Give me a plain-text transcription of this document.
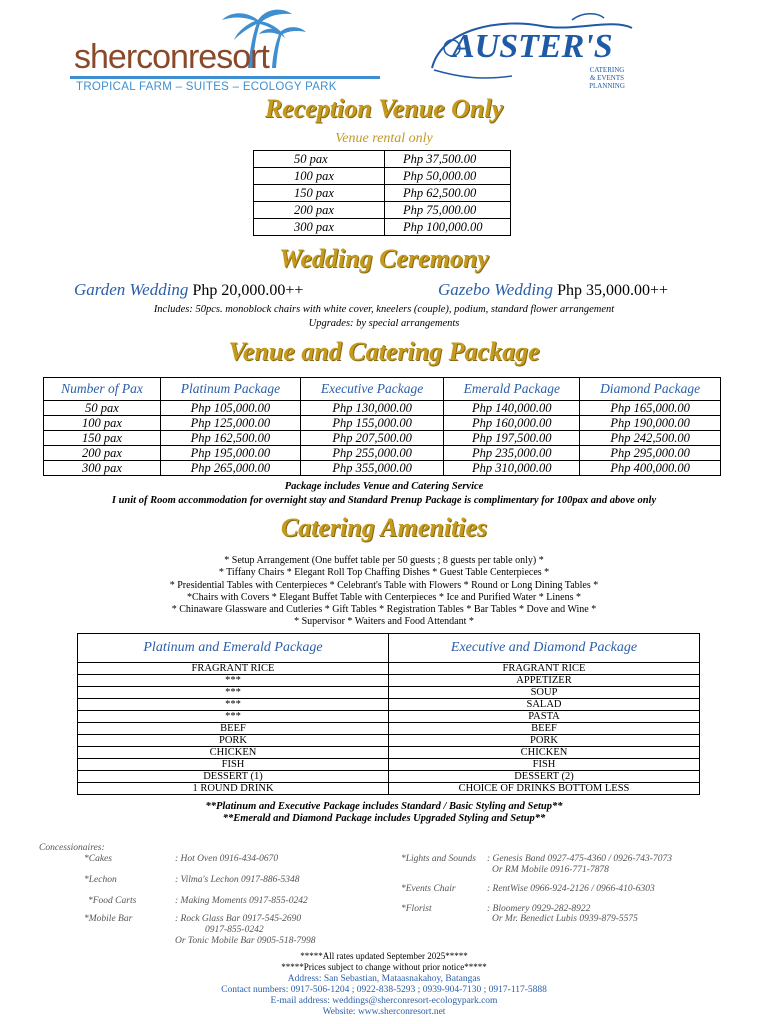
sherconresort
TROPICAL FARM – SUITES – ECOLOGY PARK
AUSTER'S
CATERING
& EVENTS PLANNING
Reception Venue Only
Venue rental only
50 pax	Php 37,500.00
100 pax	Php 50,000.00
150 pax	Php 62,500.00
200 pax	Php 75,000.00
300 pax	Php 100,000.00
Wedding Ceremony
Garden Wedding Php 20,000.00++	Gazebo Wedding Php 35,000.00++
Includes: 50pcs. monoblock chairs with white cover, kneelers (couple), podium, standard flower arrangement
Upgrades: by special arrangements
Venue and Catering Package
Number of Pax	Platinum Package	Executive Package	Emerald Package	Diamond Package
50 pax	Php 105,000.00	Php 130,000.00	Php 140,000.00	Php 165,000.00
100 pax	Php 125,000.00	Php 155,000.00	Php 160,000.00	Php 190,000.00
150 pax	Php 162,500.00	Php 207,500.00	Php 197,500.00	Php 242,500.00
200 pax	Php 195,000.00	Php 255,000.00	Php 235,000.00	Php 295,000.00
300 pax	Php 265,000.00	Php 355,000.00	Php 310,000.00	Php 400,000.00
Package includes Venue and Catering Service
I unit of Room accommodation for overnight stay and Standard Prenup Package is complimentary for 100pax and above only
Catering Amenities
* Setup Arrangement (One buffet table per 50 guests ; 8 guests per table only) *
* Tiffany Chairs * Elegant Roll Top Chaffing Dishes * Guest Table Centerpieces *
* Presidential Tables with Centerpieces * Celebrant's Table with Flowers * Round or Long Dining Tables *
*Chairs with Covers * Elegant Buffet Table with Centerpieces * Ice and Purified Water * Linens *
* Chinaware Glassware and Cutleries * Gift Tables * Registration Tables * Bar Tables * Dove and Wine *
* Supervisor * Waiters and Food Attendant *
Platinum and Emerald Package	Executive and Diamond Package
FRAGRANT RICE	FRAGRANT RICE
***	APPETIZER
***	SOUP
***	SALAD
***	PASTA
BEEF	BEEF
PORK	PORK
CHICKEN	CHICKEN
FISH	FISH
DESSERT (1)	DESSERT (2)
1 ROUND DRINK	CHOICE OF DRINKS BOTTOM LESS
**Platinum and Executive Package includes Standard / Basic Styling and Setup**
**Emerald and Diamond Package includes Upgraded Styling and Setup**
Concessionaires:
*Cakes	: Hot Oven 0916-434-0670
*Lechon	: Vilma's Lechon 0917-886-5348
*Food Carts	: Making Moments 0917-855-0242
*Mobile Bar	: Rock Glass Bar 0917-545-2690
0917-855-0242
Or Tonic Mobile Bar 0905-518-7998
*Lights and Sounds : Genesis Band 0927-475-4360 / 0926-743-7073
Or RM Mobile 0916-771-7878
*Events Chair	: RentWise 0966-924-2126 / 0966-410-6303
*Florist	: Bloomery 0929-282-8922
Or Mr. Benedict Lubis 0939-879-5575
*****All rates updated September 2025*****
*****Prices subject to change without prior notice*****
Address: San Sebastian, Mataasnakahoy, Batangas
Contact numbers: 0917-506-1204 ; 0922-838-5293 ; 0939-904-7130 ; 0917-117-5888
E-mail address: weddings@sherconresort-ecologypark.com
Website: www.sherconresort.net
